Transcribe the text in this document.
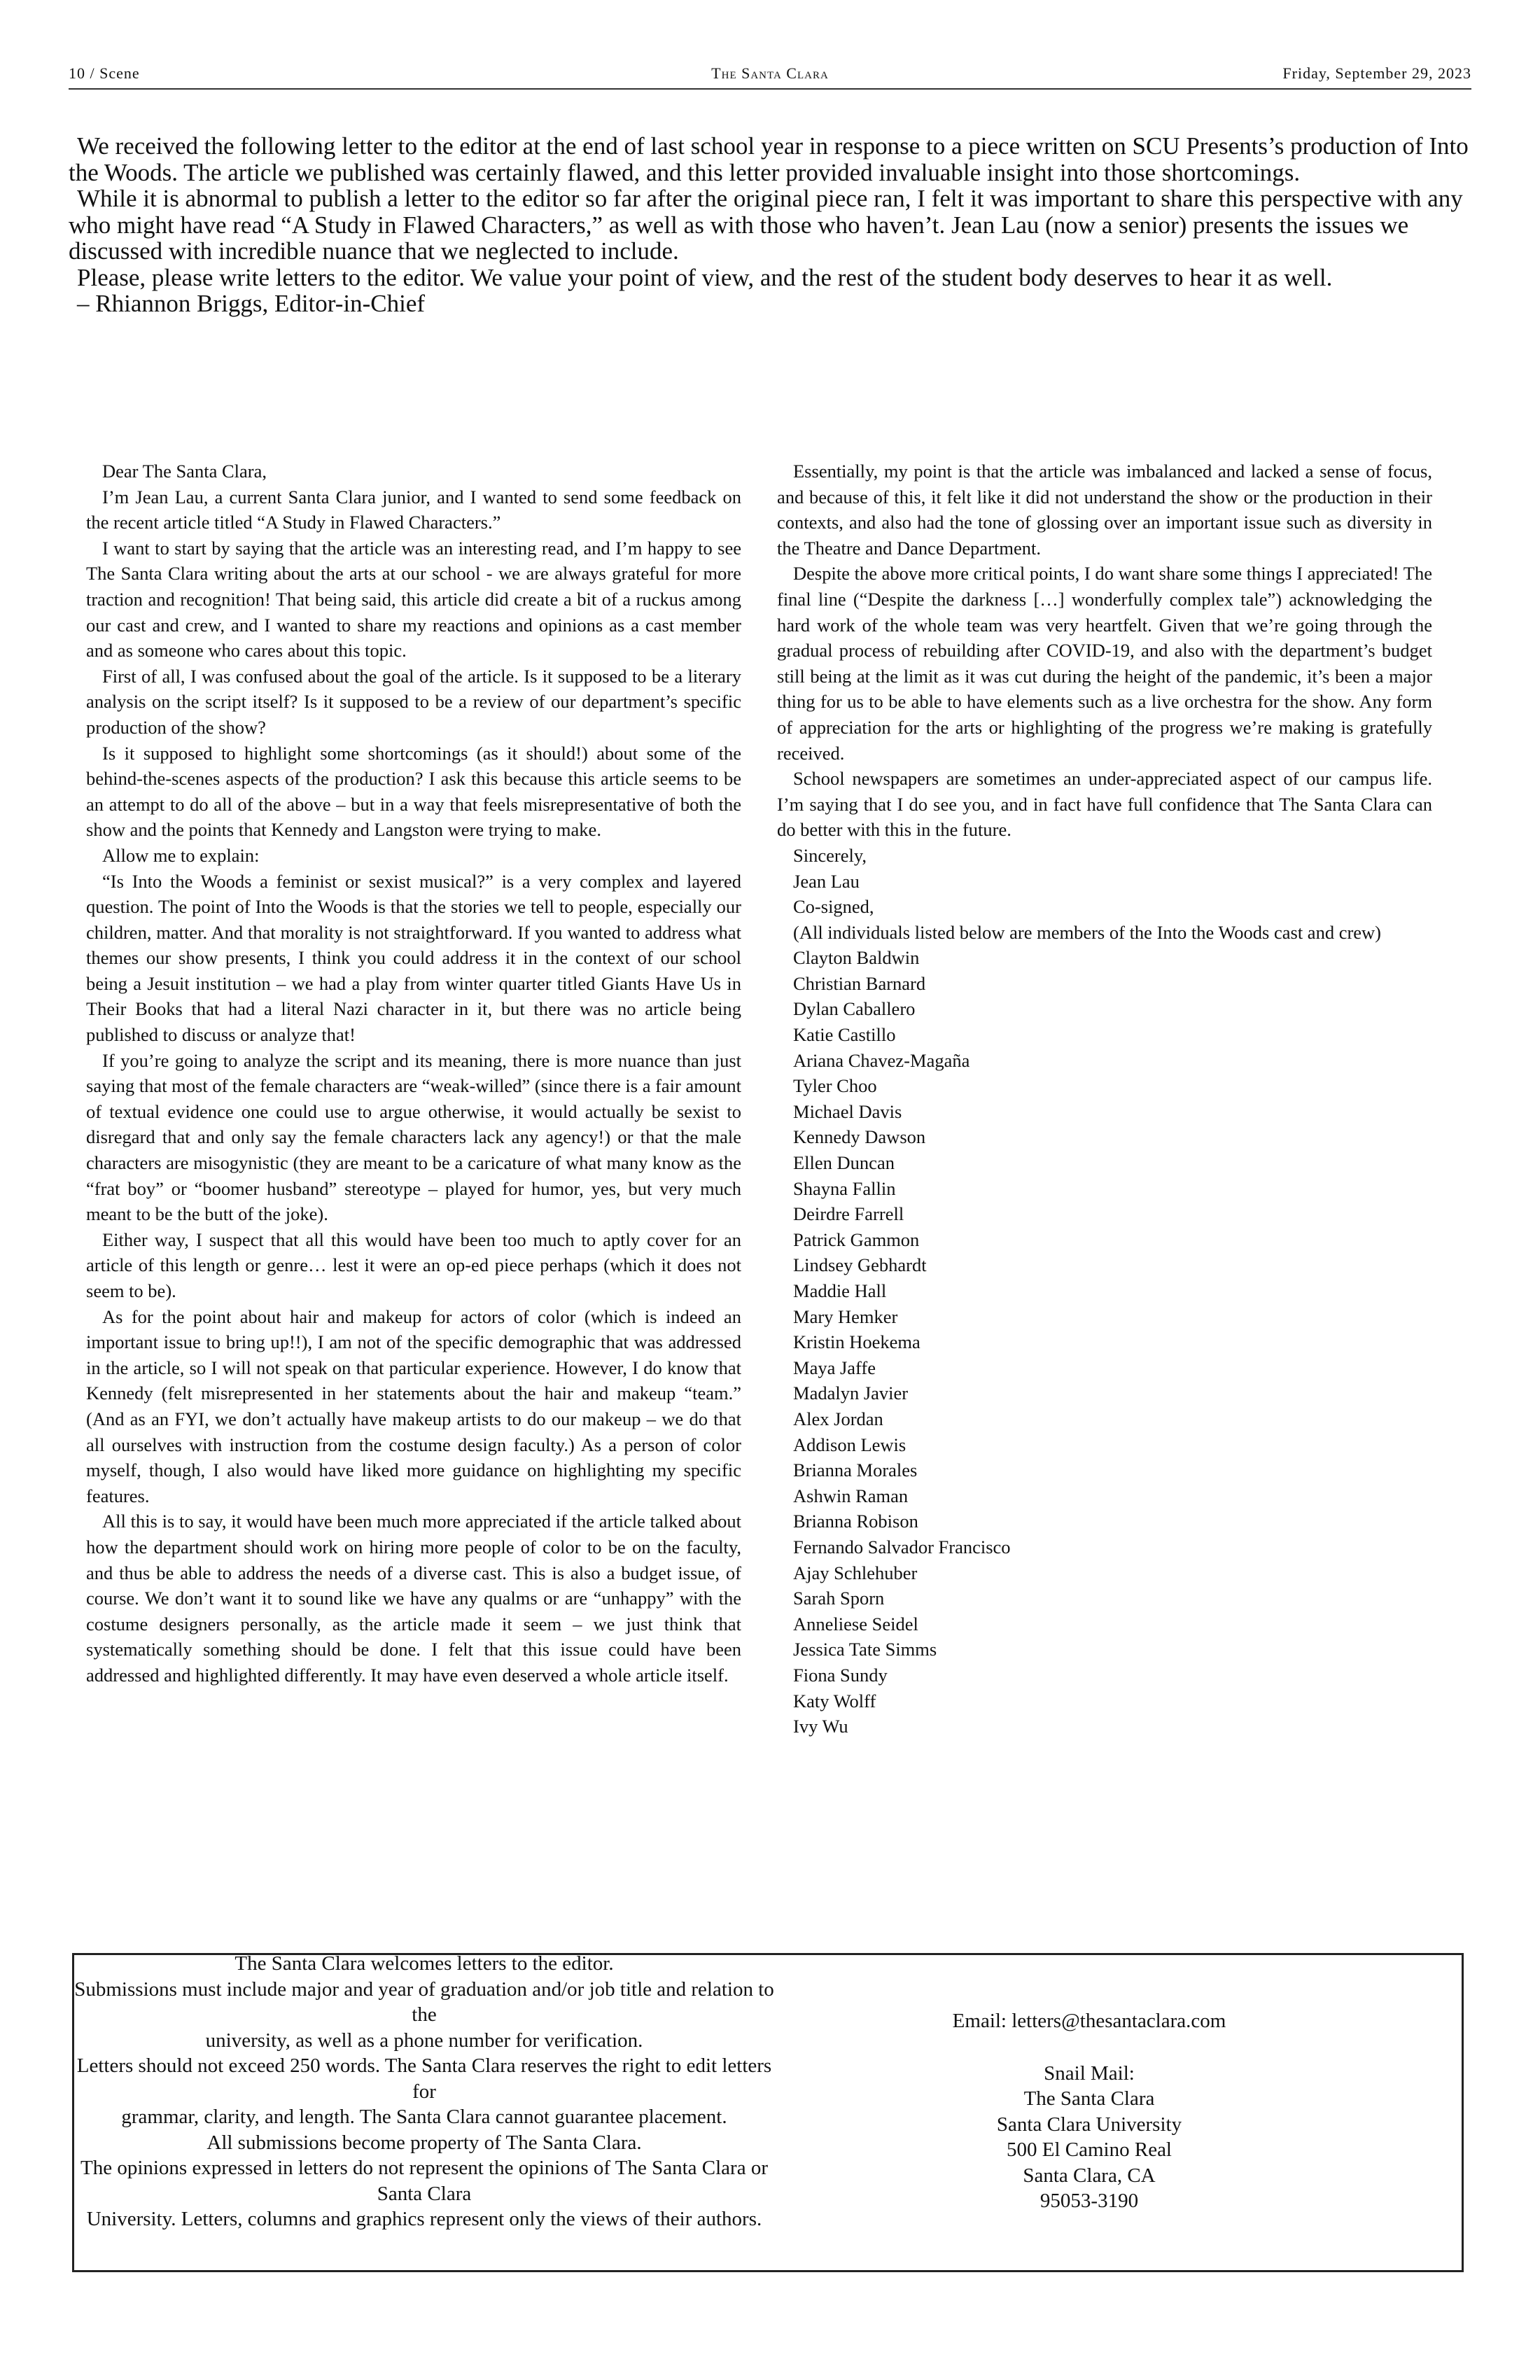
10 / Scene	The Santa Clara	Friday, September 29, 2023

We received the following letter to the editor at the end of last school year in response to a piece written on SCU Presents’s production of Into the Woods. The article we published was certainly flawed, and this letter provided invaluable insight into those shortcomings.

While it is abnormal to publish a letter to the editor so far after the original piece ran, I felt it was important to share this perspective with any who might have read “A Study in Flawed Characters,” as well as with those who haven’t. Jean Lau (now a senior) presents the issues we discussed with incredible nuance that we neglected to include.

Please, please write letters to the editor. We value your point of view, and the rest of the student body deserves to hear it as well.

– Rhiannon Briggs, Editor-in-Chief

Dear The Santa Clara,

I’m Jean Lau, a current Santa Clara junior, and I wanted to send some feedback on the recent article titled “A Study in Flawed Characters.”

I want to start by saying that the article was an interesting read, and I’m happy to see The Santa Clara writing about the arts at our school - we are always grateful for more traction and recognition! That being said, this article did create a bit of a ruckus among our cast and crew, and I wanted to share my reactions and opinions as a cast member and as someone who cares about this topic.

First of all, I was confused about the goal of the article. Is it supposed to be a literary analysis on the script itself? Is it supposed to be a review of our department’s specific production of the show?

Is it supposed to highlight some shortcomings (as it should!) about some of the behind-the-scenes aspects of the production? I ask this because this article seems to be an attempt to do all of the above – but in a way that feels misrepresentative of both the show and the points that Kennedy and Langston were trying to make.

Allow me to explain:

“Is Into the Woods a feminist or sexist musical?” is a very complex and layered question. The point of Into the Woods is that the stories we tell to people, especially our children, matter. And that morality is not straightforward. If you wanted to address what themes our show presents, I think you could address it in the context of our school being a Jesuit institution – we had a play from winter quarter titled Giants Have Us in Their Books that had a literal Nazi character in it, but there was no article being published to discuss or analyze that!

If you’re going to analyze the script and its meaning, there is more nuance than just saying that most of the female characters are “weak-willed” (since there is a fair amount of textual evidence one could use to argue otherwise, it would actually be sexist to disregard that and only say the female characters lack any agency!) or that the male characters are misogynistic (they are meant to be a caricature of what many know as the “frat boy” or “boomer husband” stereotype – played for humor, yes, but very much meant to be the butt of the joke).

Either way, I suspect that all this would have been too much to aptly cover for an article of this length or genre… lest it were an op-ed piece perhaps (which it does not seem to be).

As for the point about hair and makeup for actors of color (which is indeed an important issue to bring up!!), I am not of the specific demographic that was addressed in the article, so I will not speak on that particular experience. However, I do know that Kennedy (felt misrepresented in her statements about the hair and makeup “team.” (And as an FYI, we don’t actually have makeup artists to do our makeup – we do that all ourselves with instruction from the costume design faculty.) As a person of color myself, though, I also would have liked more guidance on highlighting my specific features.

All this is to say, it would have been much more appreciated if the article talked about how the department should work on hiring more people of color to be on the faculty, and thus be able to address the needs of a diverse cast. This is also a budget issue, of course. We don’t want it to sound like we have any qualms or are “unhappy” with the costume designers personally, as the article made it seem – we just think that systematically something should be done. I felt that this issue could have been addressed and highlighted differently. It may have even deserved a whole article itself.

Essentially, my point is that the article was imbalanced and lacked a sense of focus, and because of this, it felt like it did not understand the show or the production in their contexts, and also had the tone of glossing over an important issue such as diversity in the Theatre and Dance Department.

Despite the above more critical points, I do want share some things I appreciated! The final line (“Despite the darkness […] wonderfully complex tale”) acknowledging the hard work of the whole team was very heartfelt. Given that we’re going through the gradual process of rebuilding after COVID-19, and also with the department’s budget still being at the limit as it was cut during the height of the pandemic, it’s been a major thing for us to be able to have elements such as a live orchestra for the show. Any form of appreciation for the arts or highlighting of the progress we’re making is gratefully received.

School newspapers are sometimes an under-appreciated aspect of our campus life. I’m saying that I do see you, and in fact have full confidence that The Santa Clara can do better with this in the future.

Sincerely,

Jean Lau

Co-signed,

(All individuals listed below are members of the Into the Woods cast and crew)

Clayton Baldwin
Christian Barnard
Dylan Caballero
Katie Castillo
Ariana Chavez-Magaña
Tyler Choo
Michael Davis
Kennedy Dawson
Ellen Duncan
Shayna Fallin
Deirdre Farrell
Patrick Gammon
Lindsey Gebhardt
Maddie Hall
Mary Hemker
Kristin Hoekema
Maya Jaffe
Madalyn Javier
Alex Jordan
Addison Lewis
Brianna Morales
Ashwin Raman
Brianna Robison
Fernando Salvador Francisco
Ajay Schlehuber
Sarah Sporn
Anneliese Seidel
Jessica Tate Simms
Fiona Sundy
Katy Wolff
Ivy Wu
The Santa Clara welcomes letters to the editor.
Submissions must include major and year of graduation and/or job title and relation to the
university, as well as a phone number for verification.
Letters should not exceed 250 words. The Santa Clara reserves the right to edit letters for
grammar, clarity, and length. The Santa Clara cannot guarantee placement.
All submissions become property of The Santa Clara.
The opinions expressed in letters do not represent the opinions of The Santa Clara or Santa Clara
University. Letters, columns and graphics represent only the views of their authors.
Email: letters@thesantaclara.com
Snail Mail:
The Santa Clara
Santa Clara University
500 El Camino Real
Santa Clara, CA
95053-3190
